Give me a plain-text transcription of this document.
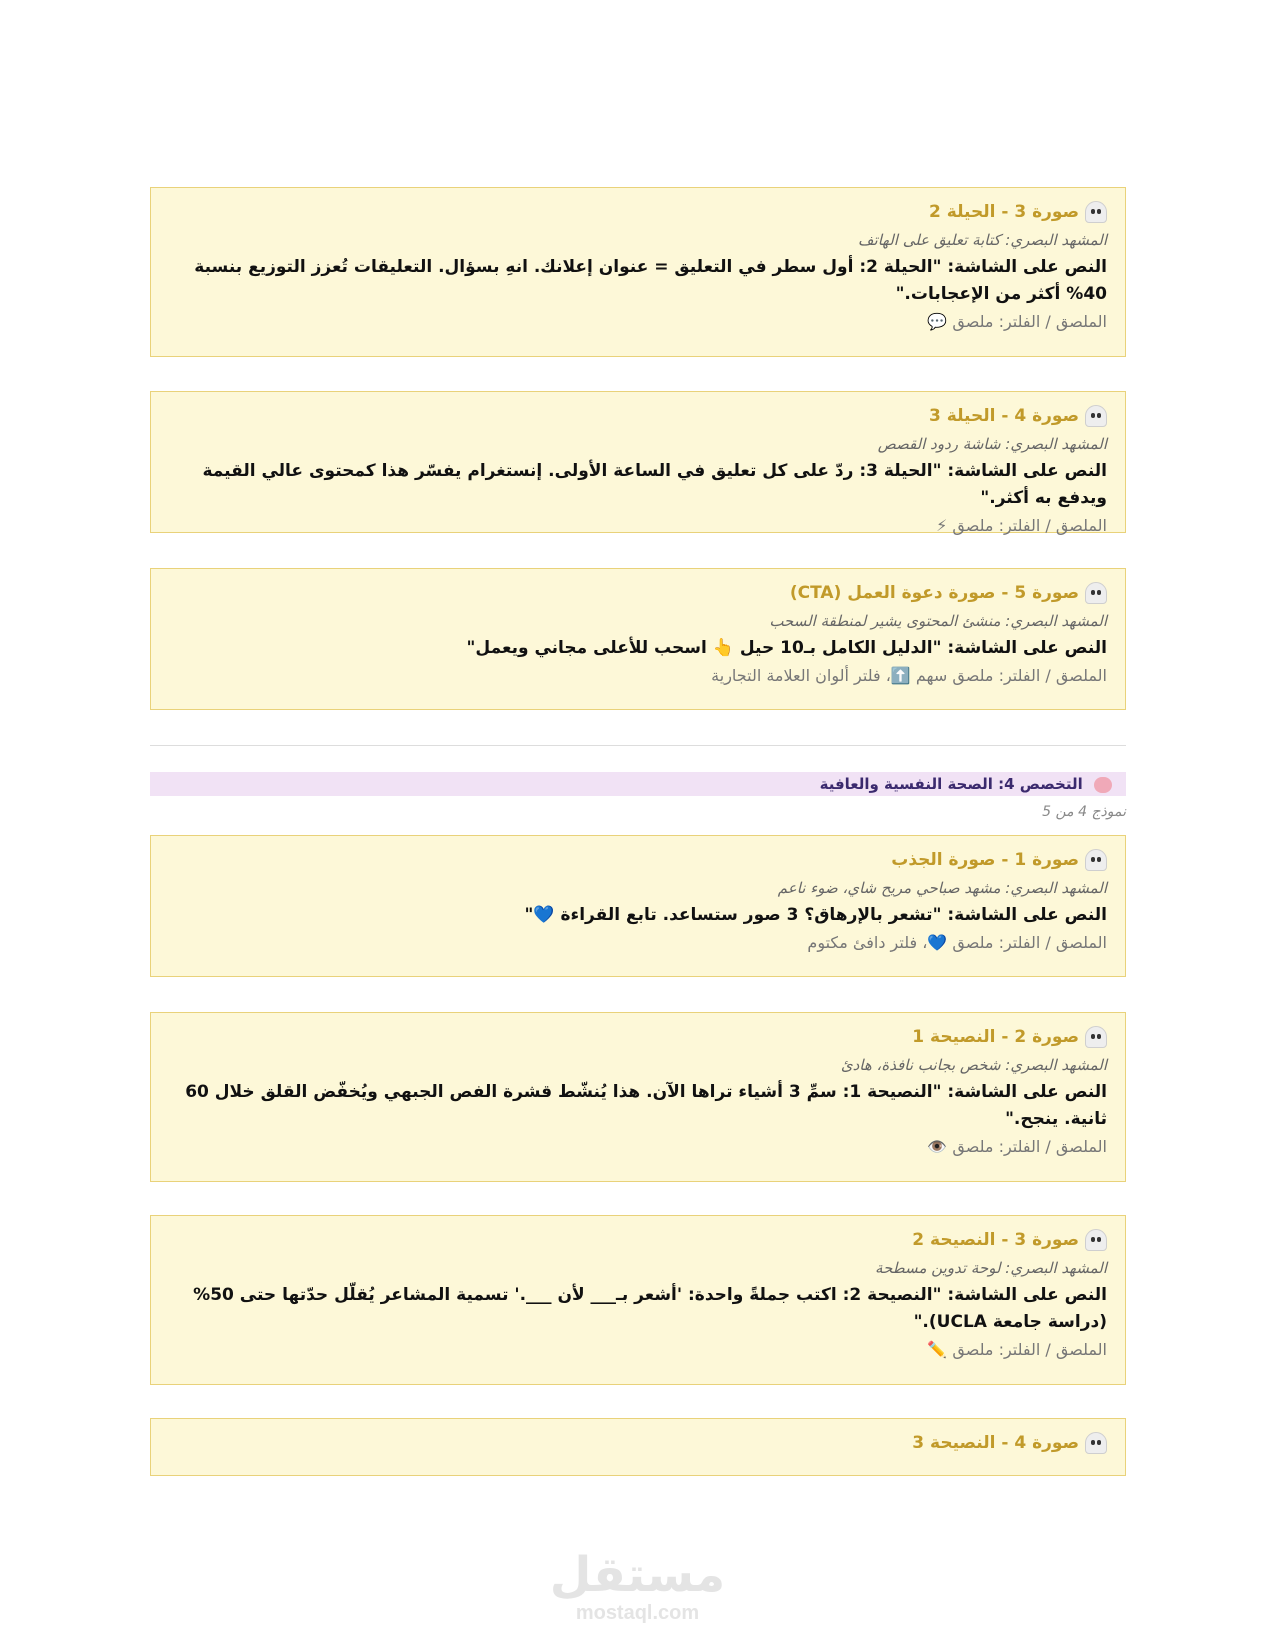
صورة 3 - الحيلة 2
المشهد البصري: كتابة تعليق على الهاتف
النص على الشاشة: "الحيلة 2: أول سطر في التعليق = عنوان إعلانك. انهِ بسؤال. التعليقات تُعزز التوزيع بنسبة 40% أكثر من الإعجابات."
الملصق / الفلتر: ملصق 💬
صورة 4 - الحيلة 3
المشهد البصري: شاشة ردود القصص
النص على الشاشة: "الحيلة 3: ردّ على كل تعليق في الساعة الأولى. إنستغرام يفسّر هذا كمحتوى عالي القيمة ويدفع به أكثر."
الملصق / الفلتر: ملصق ⚡
صورة 5 - صورة دعوة العمل (CTA)
المشهد البصري: منشئ المحتوى يشير لمنطقة السحب
النص على الشاشة: "الدليل الكامل بـ10 حيل 👆 اسحب للأعلى مجاني ويعمل"
الملصق / الفلتر: ملصق سهم ⬆️، فلتر ألوان العلامة التجارية
التخصص 4: الصحة النفسية والعافية
نموذج 4 من 5
صورة 1 - صورة الجذب
المشهد البصري: مشهد صباحي مريح شاي، ضوء ناعم
النص على الشاشة: "تشعر بالإرهاق؟ 3 صور ستساعد. تابع القراءة 💙"
الملصق / الفلتر: ملصق 💙، فلتر دافئ مكتوم
صورة 2 - النصيحة 1
المشهد البصري: شخص بجانب نافذة، هادئ
النص على الشاشة: "النصيحة 1: سمِّ 3 أشياء تراها الآن. هذا يُنشّط قشرة الفص الجبهي ويُخفّض القلق خلال 60 ثانية. ينجح."
الملصق / الفلتر: ملصق 👁️
صورة 3 - النصيحة 2
المشهد البصري: لوحة تدوين مسطحة
النص على الشاشة: "النصيحة 2: اكتب جملةً واحدة: 'أشعر بـ___ لأن ___.' تسمية المشاعر يُقلّل حدّتها حتى 50% (دراسة جامعة UCLA)."
الملصق / الفلتر: ملصق ✏️
صورة 4 - النصيحة 3
مستقل
mostaql.com
